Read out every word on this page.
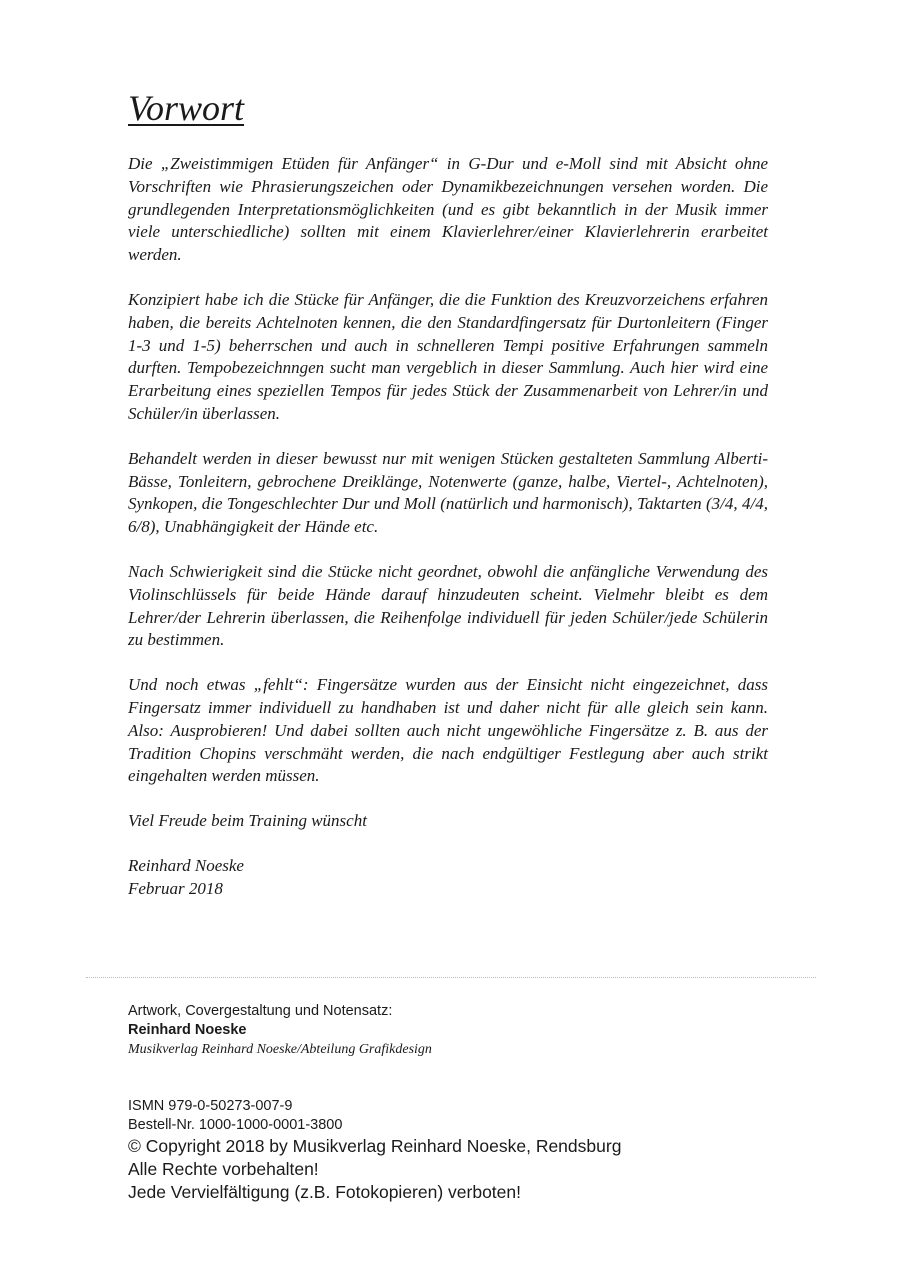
Vorwort

Die „Zweistimmigen Etüden für Anfänger“ in G-Dur und e-Moll sind mit Absicht ohne Vorschriften wie Phrasierungszeichen oder Dynamikbezeichnungen versehen worden. Die grundlegenden Interpretationsmöglichkeiten (und es gibt bekanntlich in der Musik immer viele unterschiedliche) sollten mit einem Klavierlehrer/einer Klavierlehrerin erarbeitet werden.

Konzipiert habe ich die Stücke für Anfänger, die die Funktion des Kreuzvorzeichens erfahren haben, die bereits Achtelnoten kennen, die den Standardfingersatz für Durtonleitern (Finger 1-3 und 1-5) beherrschen und auch in schnelleren Tempi positive Erfahrungen sammeln durften. Tempobezeichnngen sucht man vergeblich in dieser Sammlung. Auch hier wird eine Erarbeitung eines speziellen Tempos für jedes Stück der Zusammenarbeit von Lehrer/in und Schüler/in überlassen.

Behandelt werden in dieser bewusst nur mit wenigen Stücken gestalteten Sammlung Alberti-Bässe, Tonleitern, gebrochene Dreiklänge, Notenwerte (ganze, halbe, Viertel-, Achtelnoten), Synkopen, die Tongeschlechter Dur und Moll (natürlich und harmonisch), Taktarten (3/4, 4/4, 6/8), Unabhängigkeit der Hände etc.

Nach Schwierigkeit sind die Stücke nicht geordnet, obwohl die anfängliche Verwendung des Violinschlüssels für beide Hände darauf hinzudeuten scheint. Vielmehr bleibt es dem Lehrer/der Lehrerin überlassen, die Reihenfolge individuell für jeden Schüler/jede Schülerin zu bestimmen.

Und noch etwas „fehlt“: Fingersätze wurden aus der Einsicht nicht eingezeichnet, dass Fingersatz immer individuell zu handhaben ist und daher nicht für alle gleich sein kann. Also: Ausprobieren! Und dabei sollten auch nicht ungewöhliche Fingersätze z. B. aus der Tradition Chopins verschmäht werden, die nach endgültiger Festlegung aber auch strikt eingehalten werden müssen.

Viel Freude beim Training wünscht

Reinhard Noeske

Februar 2018

Artwork, Covergestaltung und Notensatz:
Reinhard Noeske
Musikverlag Reinhard Noeske/Abteilung Grafikdesign
ISMN 979-0-50273-007-9
Bestell-Nr. 1000-1000-0001-3800
© Copyright 2018 by Musikverlag Reinhard Noeske, Rendsburg
Alle Rechte vorbehalten!
Jede Vervielfältigung (z.B. Fotokopieren) verboten!
